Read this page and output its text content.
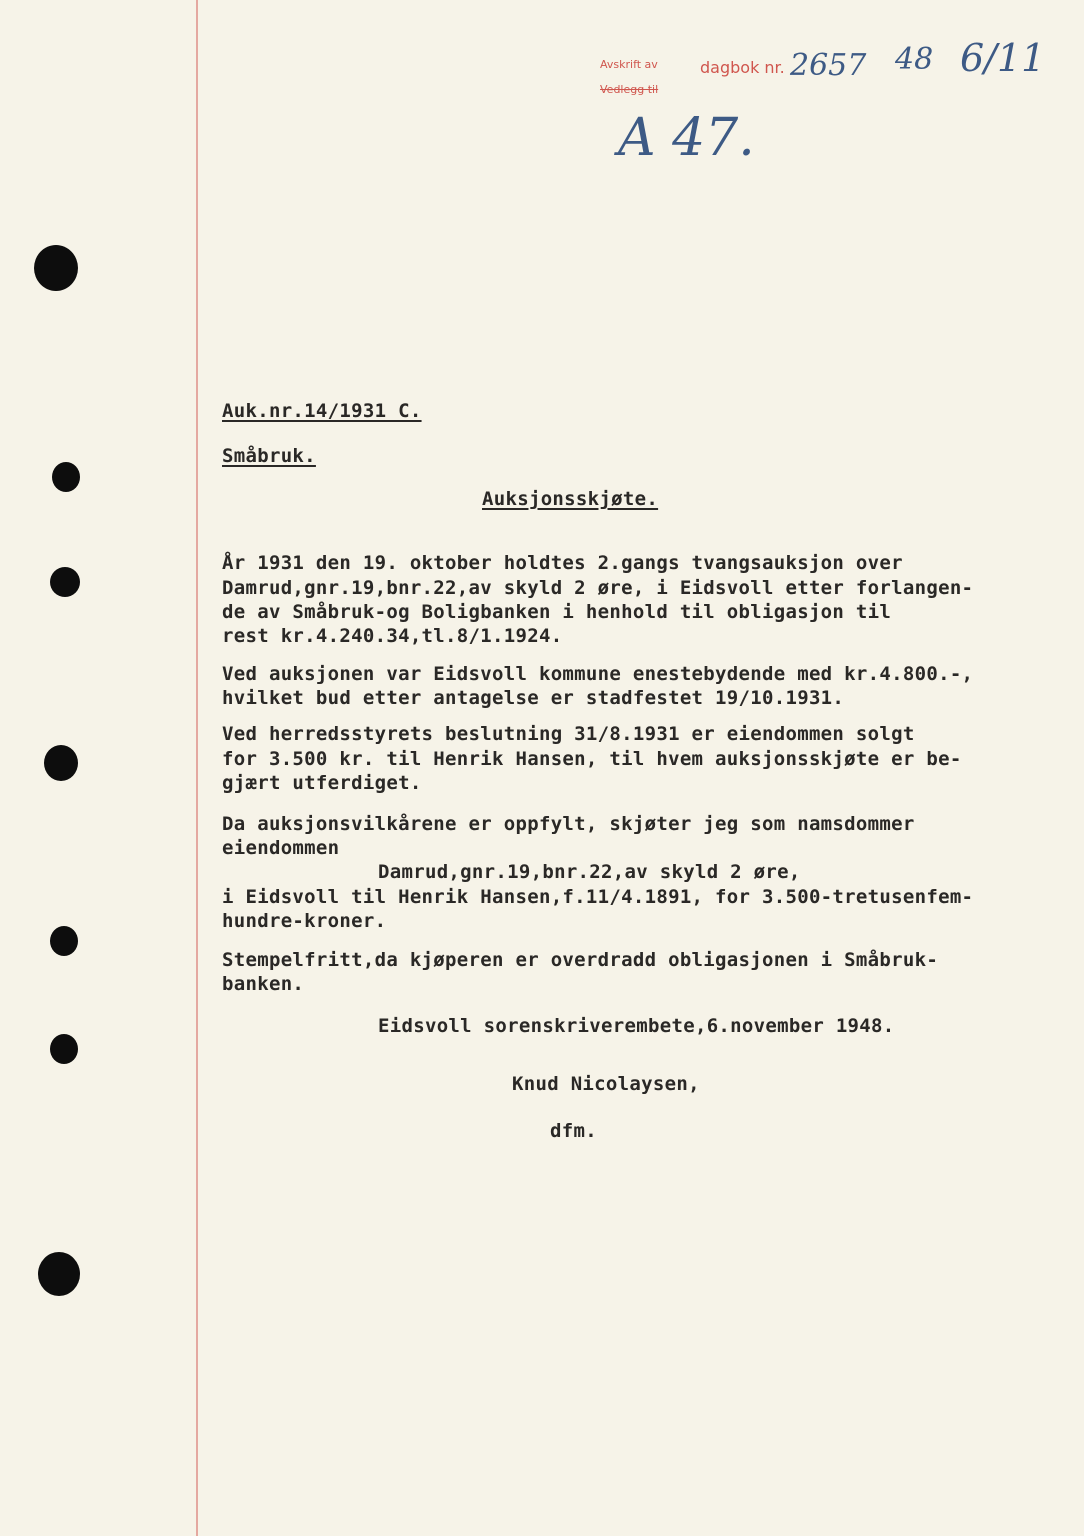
Avskrift av
Vedlegg til
dagbok nr. 2657 48 6/11
A 47.
Auk.nr.14/1931 C.
Småbruk.
Auksjonsskjøte.
År 1931 den 19. oktober holdtes 2.gangs tvangsauksjon over
Damrud,gnr.19,bnr.22,av skyld 2 øre, i Eidsvoll etter forlangen-
de av Småbruk-og Boligbanken i henhold til obligasjon til
rest kr.4.240.34,tl.8/1.1924.
Ved auksjonen var Eidsvoll kommune enestebydende med kr.4.800.-,
hvilket bud etter antagelse er stadfestet 19/10.1931.
Ved herredsstyrets beslutning 31/8.1931 er eiendommen solgt
for 3.500 kr. til Henrik Hansen, til hvem auksjonsskjøte er be-
gjært utferdiget.
Da auksjonsvilkårene er oppfylt, skjøter jeg som namsdommer
eiendommen
Damrud,gnr.19,bnr.22,av skyld 2 øre,
i Eidsvoll til Henrik Hansen,f.11/4.1891, for 3.500-tretusenfem-
hundre-kroner.
Stempelfritt,da kjøperen er overdradd obligasjonen i Småbruk-
banken.
Eidsvoll sorenskriverembete,6.november 1948.
Knud Nicolaysen,
dfm.
